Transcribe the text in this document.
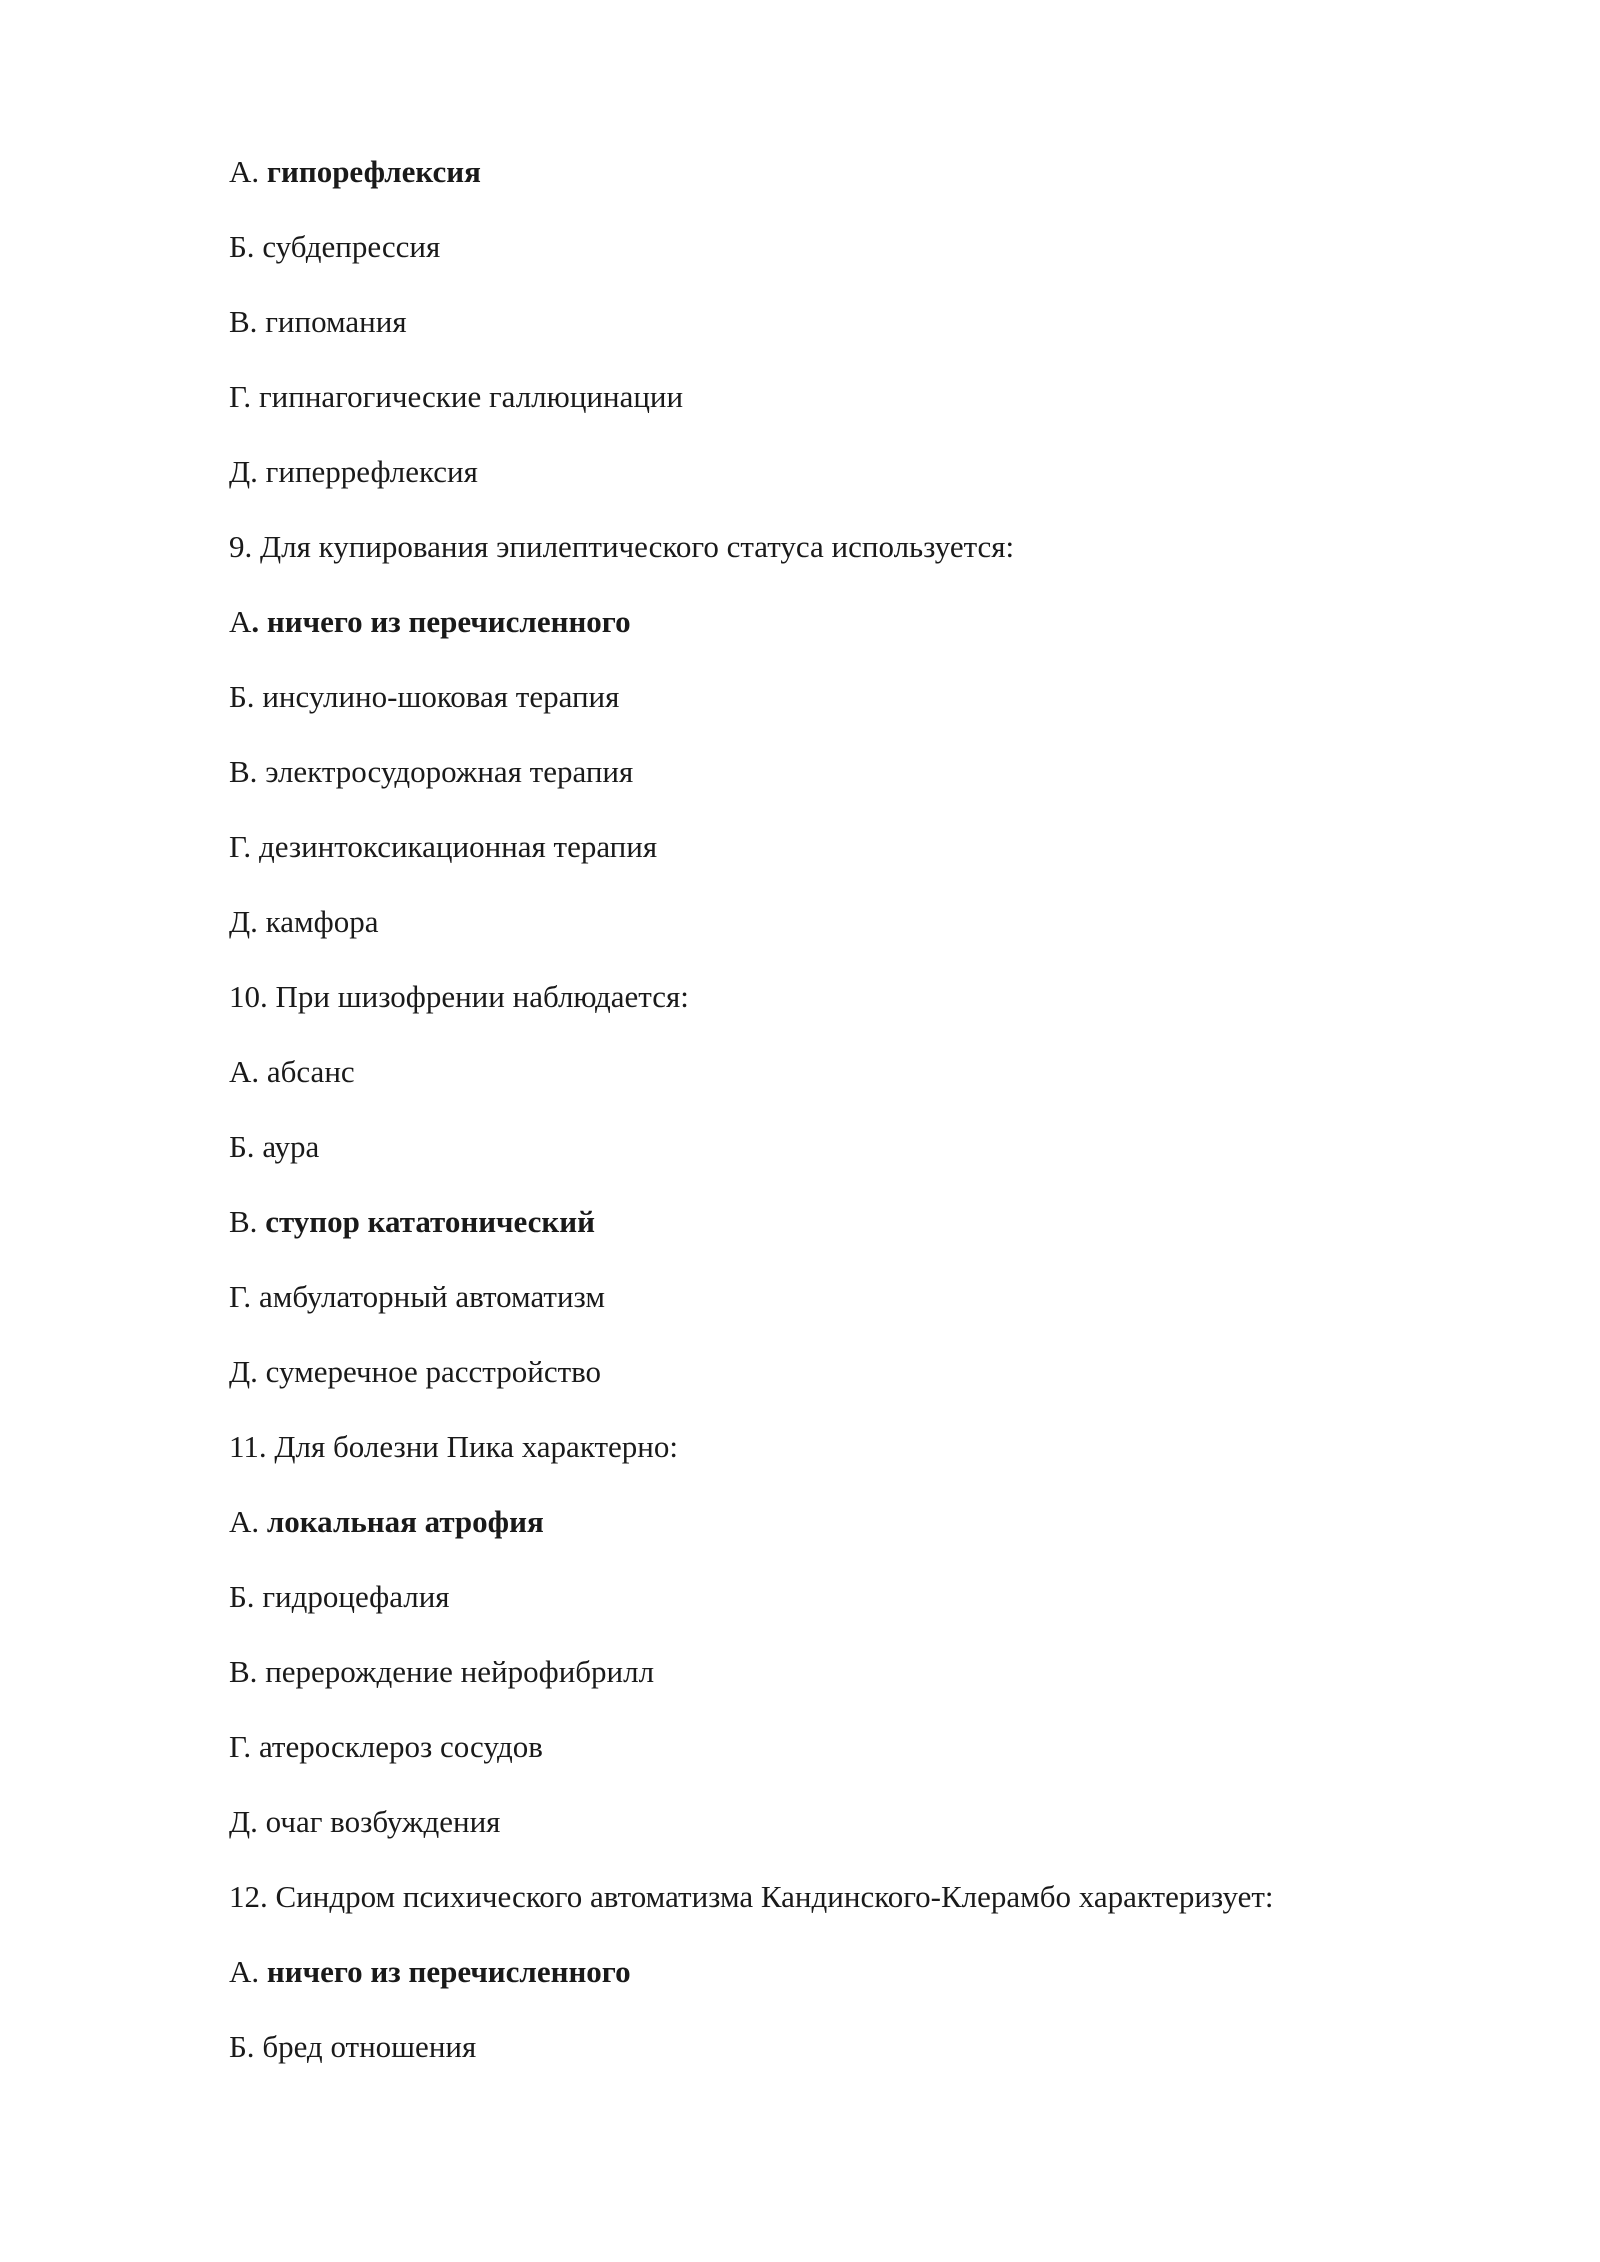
А. гипорефлексия
Б. субдепрессия
В. гипомания
Г. гипнагогические галлюцинации
Д. гиперрефлексия
9. Для купирования эпилептического статуса используется:
А. ничего из перечисленного
Б. инсулино-шоковая терапия
В. электросудорожная терапия
Г. дезинтоксикационная терапия
Д. камфора
10. При шизофрении наблюдается:
А. абсанс
Б. аура
В. ступор кататонический
Г. амбулаторный автоматизм
Д. сумеречное расстройство
11. Для болезни Пика характерно:
А. локальная атрофия
Б. гидроцефалия
В. перерождение нейрофибрилл
Г. атеросклероз сосудов
Д. очаг возбуждения
12. Синдром психического автоматизма Кандинского-Клерамбо характеризует:
А. ничего из перечисленного
Б. бред отношения
